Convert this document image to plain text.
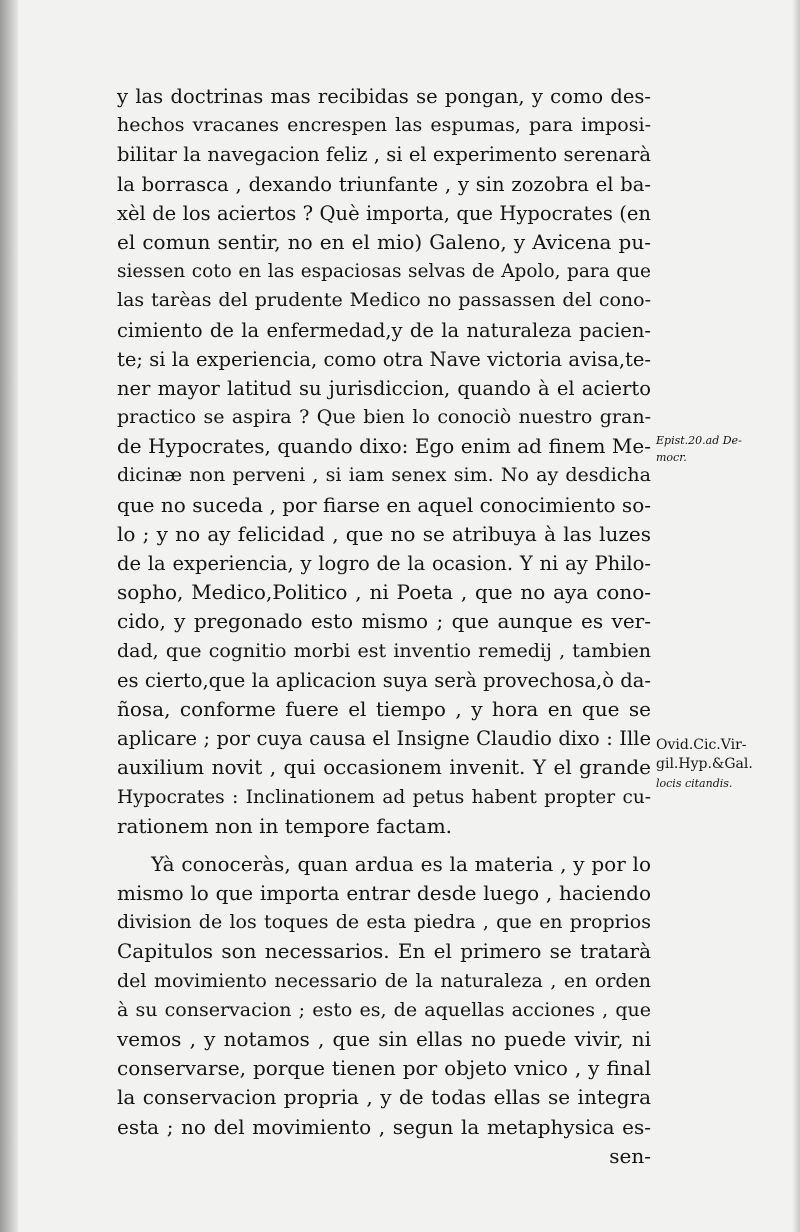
y las doctrinas mas recibidas se pongan, y como des-
hechos vracanes encrespen las espumas, para imposi-
bilitar la navegacion feliz , si el experimento serenarà
la borrasca , dexando triunfante , y sin zozobra el ba-
xèl de los aciertos ? Què importa, que Hypocrates (en
el comun sentir, no en el mio) Galeno, y Avicena pu-
siessen coto en las espaciosas selvas de Apolo, para que
las tarèas del prudente Medico no passassen del cono-
cimiento de la enfermedad,y de la naturaleza pacien-
te; si la experiencia, como otra Nave victoria avisa,te-
ner mayor latitud su jurisdiccion, quando à el acierto
practico se aspira ? Que bien lo conociò nuestro gran-
de Hypocrates, quando dixo: Ego enim ad finem Me-
dicinæ non perveni , si iam senex sim. No ay desdicha
que no suceda , por fiarse en aquel conocimiento so-
lo ; y no ay felicidad , que no se atribuya à las luzes
de la experiencia, y logro de la ocasion. Y ni ay Philo-
sopho, Medico,Politico , ni Poeta , que no aya cono-
cido, y pregonado esto mismo ; que aunque es ver-
dad, que cognitio morbi est inventio remedij , tambien
es cierto,que la aplicacion suya serà provechosa,ò da-
ñosa, conforme fuere el tiempo , y hora en que se
aplicare ; por cuya causa el Insigne Claudio dixo : Ille
auxilium novit , qui occasionem invenit. Y el grande
Hypocrates : Inclinationem ad petus habent propter cu-
rationem non in tempore factam.
Yà conoceràs, quan ardua es la materia , y por lo
mismo lo que importa entrar desde luego , haciendo
division de los toques de esta piedra , que en proprios
Capitulos son necessarios. En el primero se tratarà
del movimiento necessario de la naturaleza , en orden
à su conservacion ; esto es, de aquellas acciones , que
vemos , y notamos , que sin ellas no puede vivir, ni
conservarse, porque tienen por objeto vnico , y final
la conservacion propria , y de todas ellas se integra
esta ; no del movimiento , segun la metaphysica es-
sen-
Epist.20.ad De-
mocr.
Ovid.Cic.Vir-
gil.Hyp.&Gal.
locis citandis.
